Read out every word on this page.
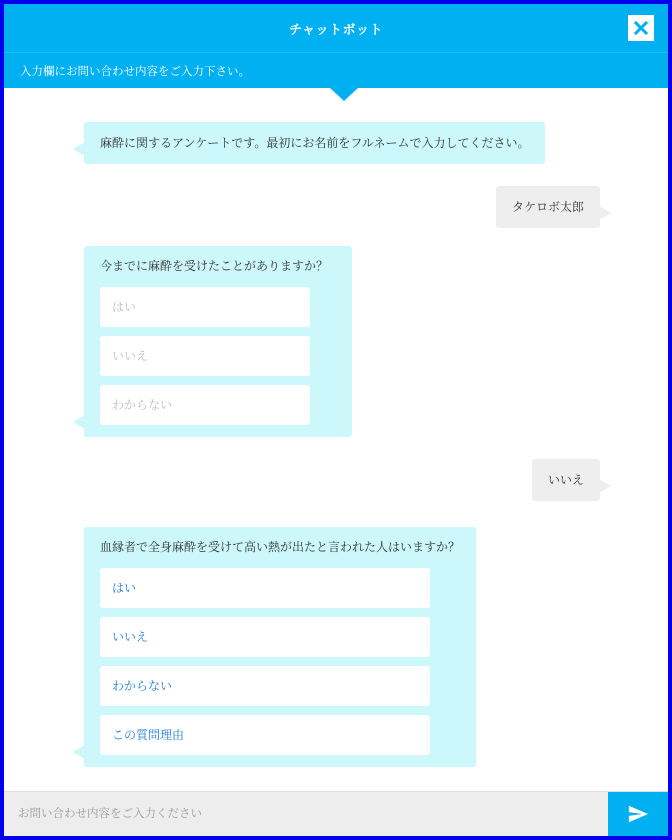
チャットボット
入力欄にお問い合わせ内容をご入力下さい。
麻酔に関するアンケートです。最初にお名前をフルネームで入力してください。
タケロボ太郎
今までに麻酔を受けたことがありますか？
はい
いいえ
わからない
いいえ
血縁者で全身麻酔を受けて高い熱が出たと言われた人はいますか？
はい
いいえ
わからない
この質問理由
お問い合わせ内容をご入力ください
